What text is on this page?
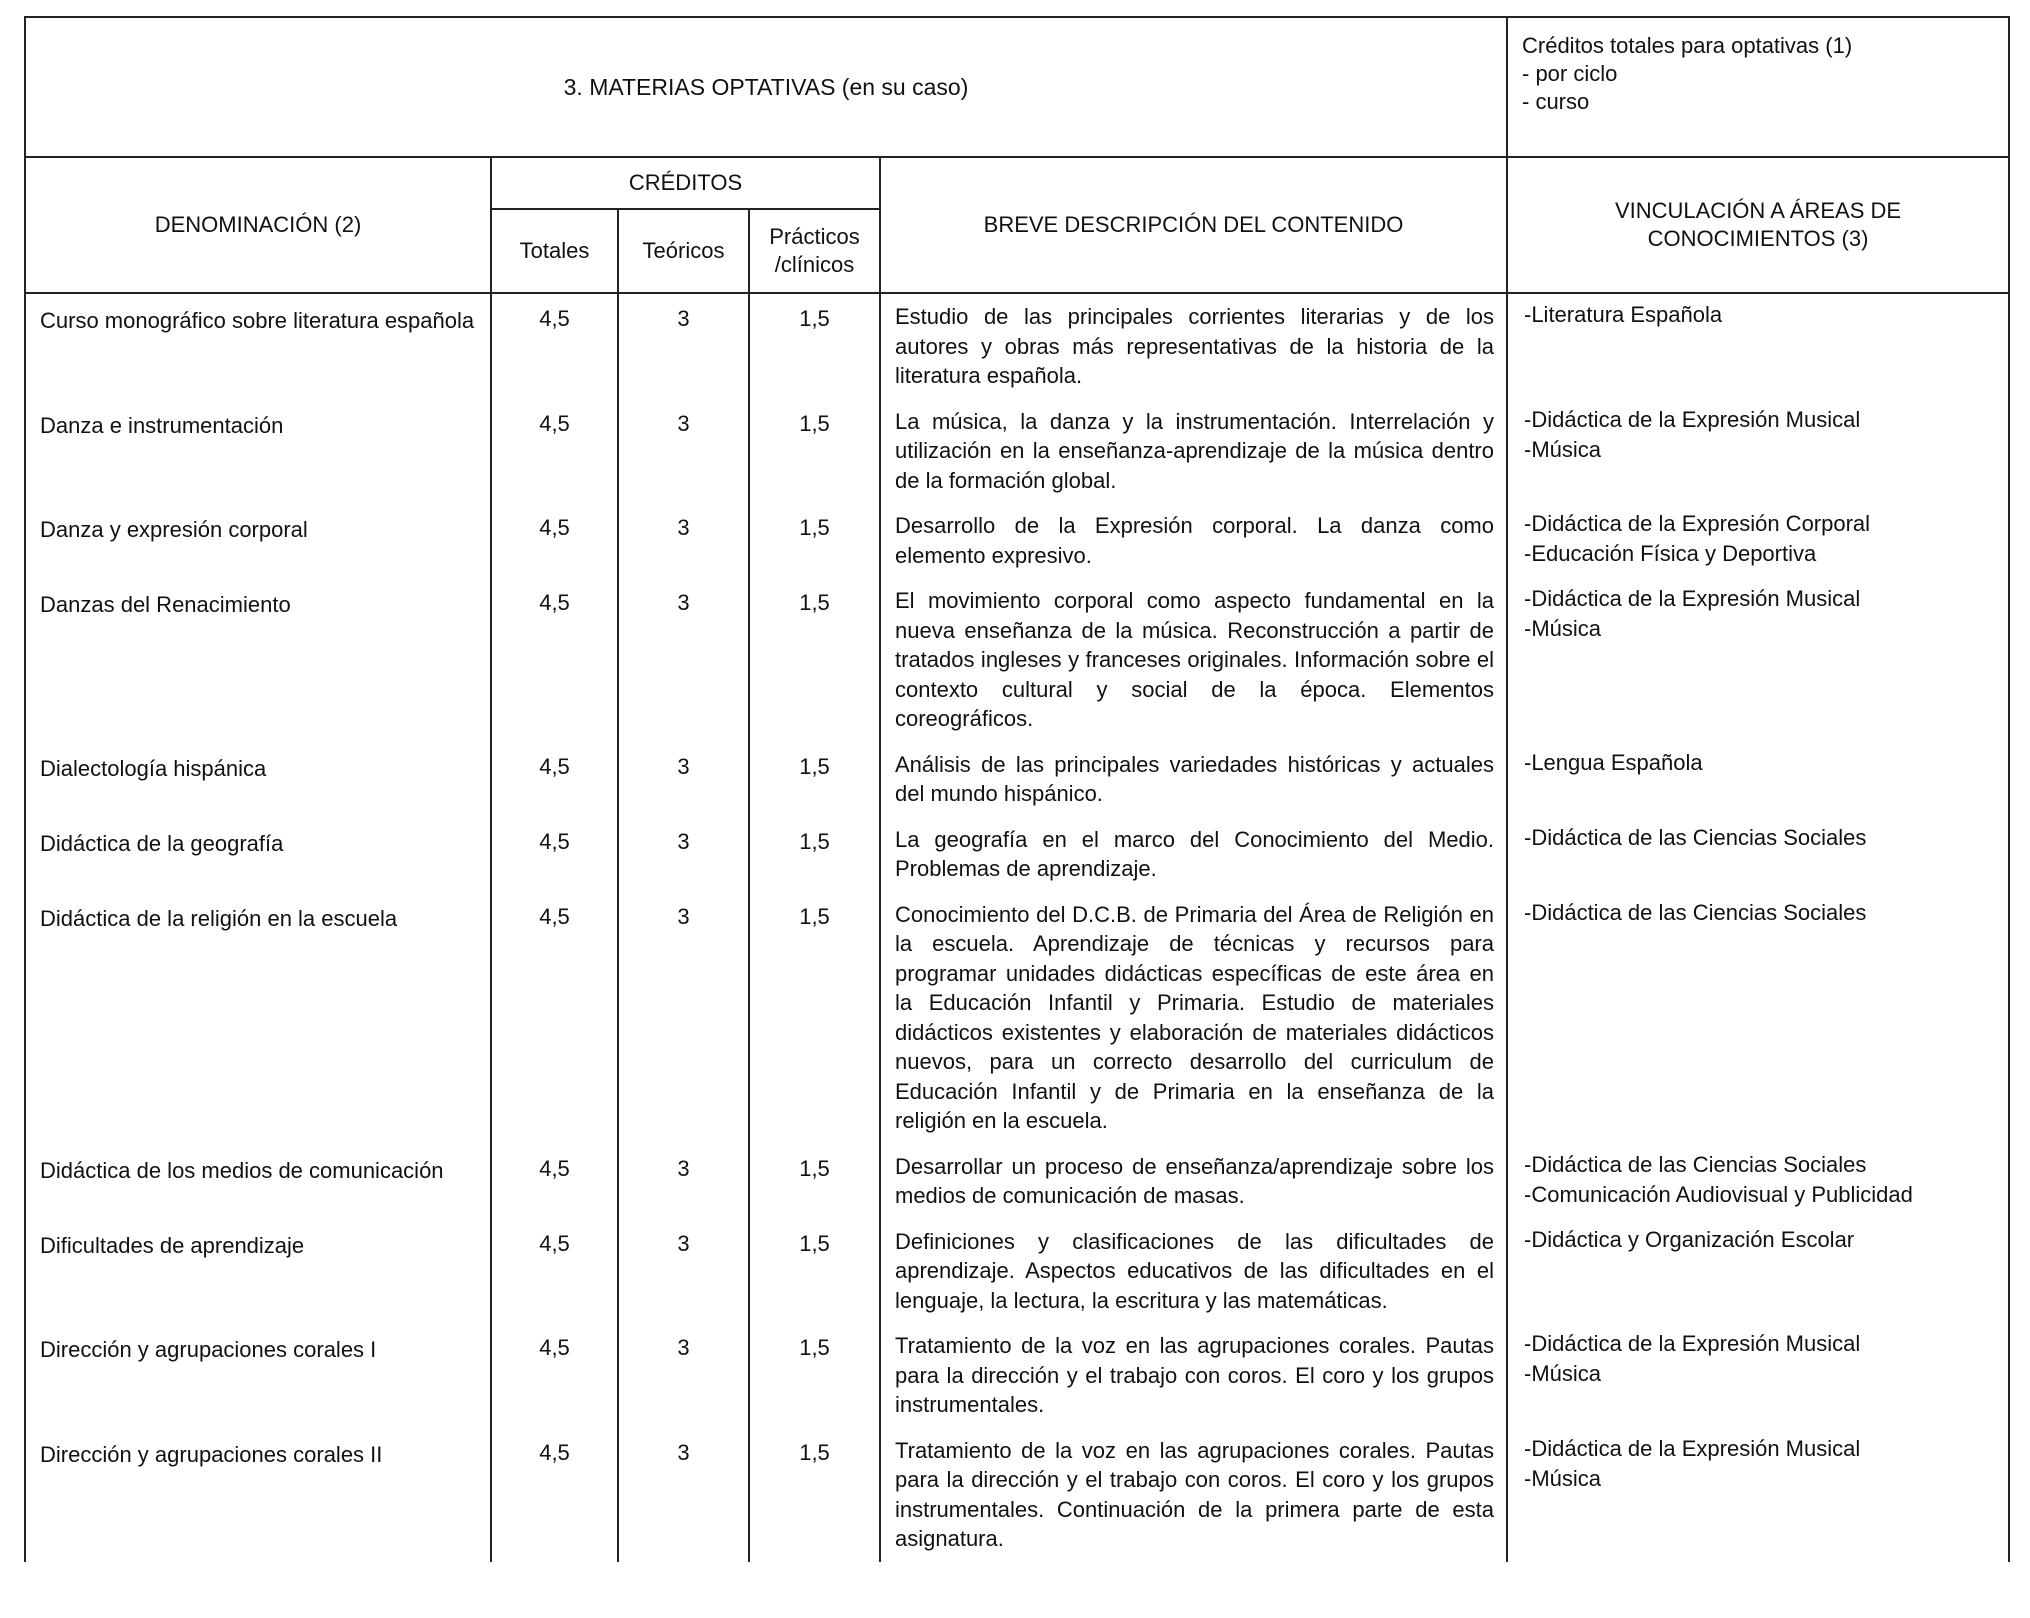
3. MATERIAS OPTATIVAS (en su caso)					Créditos totales para optativas (1)
- por ciclo
- curso

DENOMINACIÓN (2)	CRÉDITOS			BREVE DESCRIPCIÓN DEL CONTENIDO	VINCULACIÓN A ÁREAS DE
CONOCIMIENTOS (3)

	Totales	Teóricos	Prácticos
/clínicos		

Curso monográfico sobre literatura española	4,5	3	1,5	Estudio de las principales corrientes literarias y de los autores y obras más representativas de la historia de la literatura española.	-Literatura Española

Danza e instrumentación	4,5	3	1,5	La música, la danza y la instrumentación. Interrelación y utilización en la enseñanza-aprendizaje de la música dentro de la formación global.	-Didáctica de la Expresión Musical
-Música

Danza y expresión corporal	4,5	3	1,5	Desarrollo de la Expresión corporal. La danza como elemento expresivo.	-Didáctica de la Expresión Corporal
-Educación Física y Deportiva

Danzas del Renacimiento	4,5	3	1,5	El movimiento corporal como aspecto fundamental en la nueva enseñanza de la música. Reconstrucción a partir de tratados ingleses y franceses originales. Información sobre el contexto cultural y social de la época. Elementos coreográficos.	-Didáctica de la Expresión Musical
-Música

Dialectología hispánica	4,5	3	1,5	Análisis de las principales variedades históricas y actuales del mundo hispánico.	-Lengua Española

Didáctica de la geografía	4,5	3	1,5	La geografía en el marco del Conocimiento del Medio. Problemas de aprendizaje.	-Didáctica de las Ciencias Sociales

Didáctica de la religión en la escuela	4,5	3	1,5	Conocimiento del D.C.B. de Primaria del Área de Religión en la escuela. Aprendizaje de técnicas y recursos para programar unidades didácticas específicas de este área en la Educación Infantil y Primaria. Estudio de materiales didácticos existentes y elaboración de materiales didácticos nuevos, para un correcto desarrollo del curriculum de Educación Infantil y de Primaria en la enseñanza de la religión en la escuela.	-Didáctica de las Ciencias Sociales

Didáctica de los medios de comunicación	4,5	3	1,5	Desarrollar un proceso de enseñanza/aprendizaje sobre los medios de comunicación de masas.	-Didáctica de las Ciencias Sociales
-Comunicación Audiovisual y Publicidad

Dificultades de aprendizaje	4,5	3	1,5	Definiciones y clasificaciones de las dificultades de aprendizaje. Aspectos educativos de las dificultades en el lenguaje, la lectura, la escritura y las matemáticas.	-Didáctica y Organización Escolar

Dirección y agrupaciones corales I	4,5	3	1,5	Tratamiento de la voz en las agrupaciones corales. Pautas para la dirección y el trabajo con coros. El coro y los grupos instrumentales.	-Didáctica de la Expresión Musical
-Música

Dirección y agrupaciones corales II	4,5	3	1,5	Tratamiento de la voz en las agrupaciones corales. Pautas para la dirección y el trabajo con coros. El coro y los grupos instrumentales. Continuación de la primera parte de esta asignatura.	-Didáctica de la Expresión Musical
-Música
